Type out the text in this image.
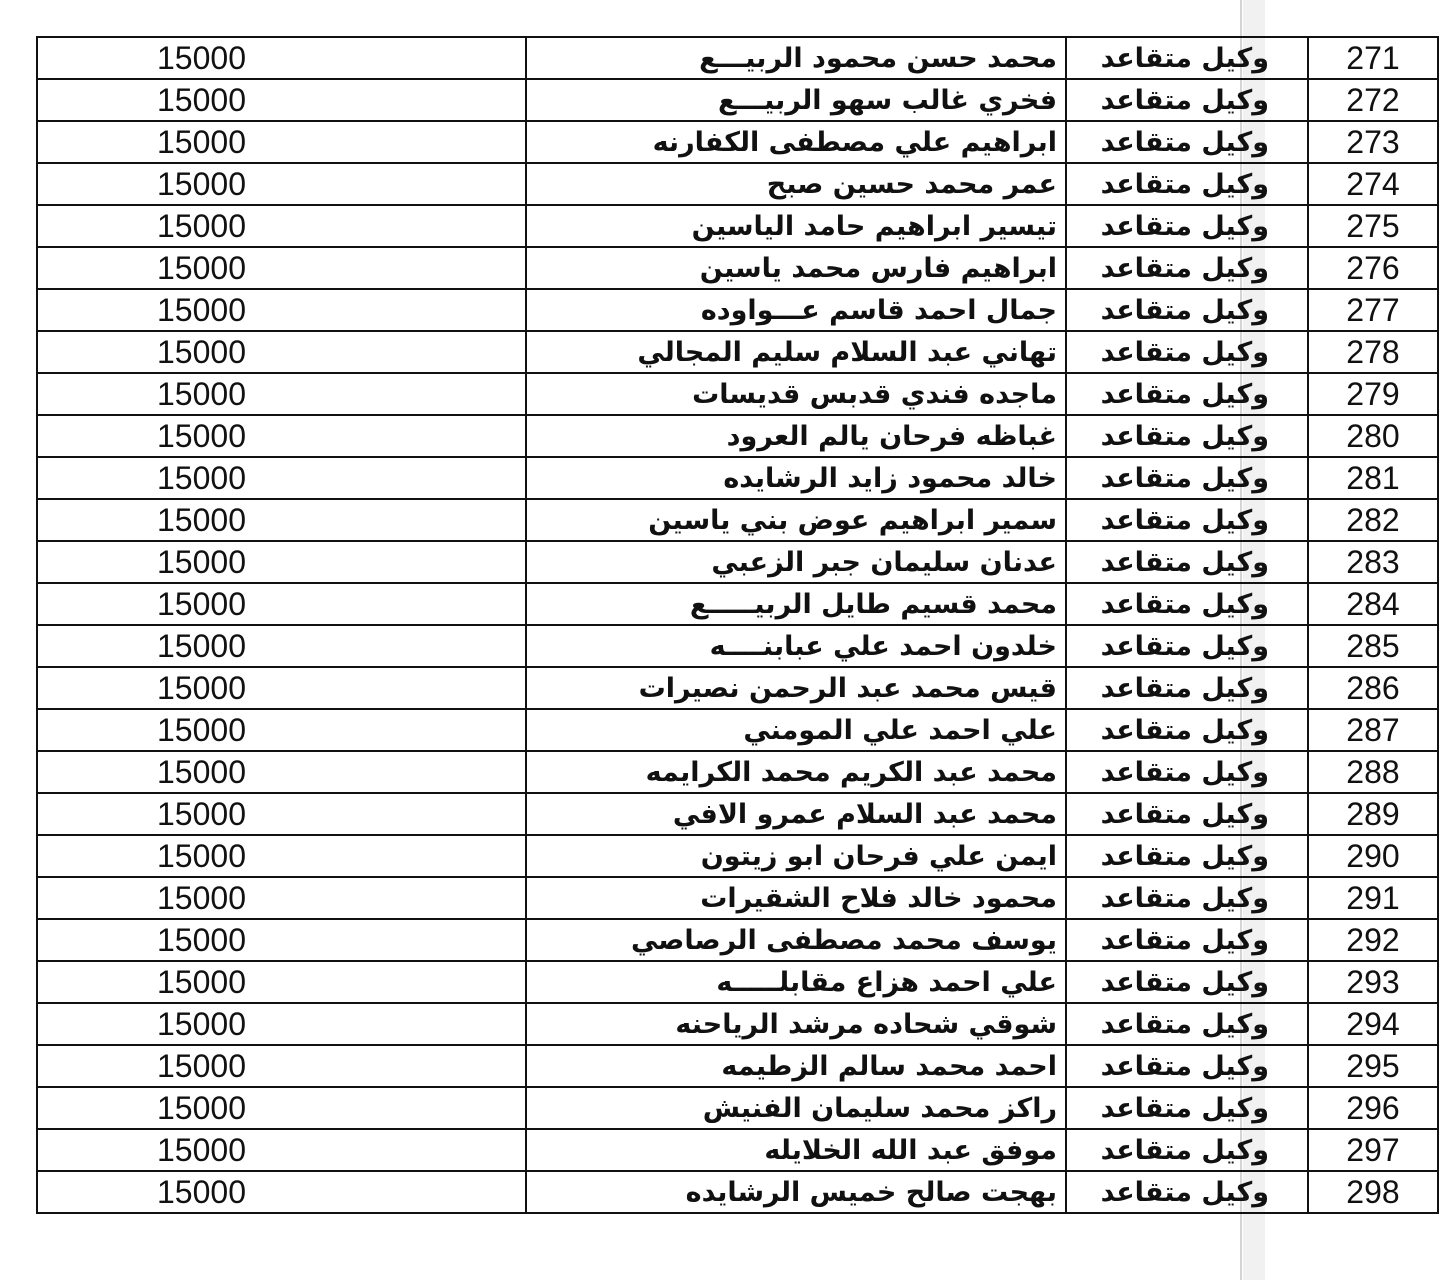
15000	محمد حسن محمود الربيـــع	وكيل متقاعد	271
15000	فخري غالب سهو الربيـــع	وكيل متقاعد	272
15000	ابراهيم علي مصطفى الكفارنه	وكيل متقاعد	273
15000	عمر محمد حسين صبح	وكيل متقاعد	274
15000	تيسير ابراهيم حامد الياسين	وكيل متقاعد	275
15000	ابراهيم فارس محمد ياسين	وكيل متقاعد	276
15000	جمال احمد قاسم عـــواوده	وكيل متقاعد	277
15000	تهاني عبد السلام سليم المجالي	وكيل متقاعد	278
15000	ماجده فندي قدبس قديسات	وكيل متقاعد	279
15000	غباظه فرحان يالم العرود	وكيل متقاعد	280
15000	خالد محمود زايد الرشايده	وكيل متقاعد	281
15000	سمير ابراهيم عوض بني ياسين	وكيل متقاعد	282
15000	عدنان سليمان جبر الزعبي	وكيل متقاعد	283
15000	محمد قسيم طايل الربيـــــع	وكيل متقاعد	284
15000	خلدون احمد علي عبابنــــه	وكيل متقاعد	285
15000	قيس محمد عبد الرحمن نصيرات	وكيل متقاعد	286
15000	علي احمد علي المومني	وكيل متقاعد	287
15000	محمد عبد الكريم محمد الكرايمه	وكيل متقاعد	288
15000	محمد عبد السلام عمرو الافي	وكيل متقاعد	289
15000	ايمن علي فرحان ابو زيتون	وكيل متقاعد	290
15000	محمود خالد فلاح الشقيرات	وكيل متقاعد	291
15000	يوسف محمد مصطفى الرصاصي	وكيل متقاعد	292
15000	علي احمد هزاع مقابلـــــه	وكيل متقاعد	293
15000	شوقي شحاده مرشد الرياحنه	وكيل متقاعد	294
15000	احمد محمد سالم الزطيمه	وكيل متقاعد	295
15000	راكز محمد سليمان الفنيش	وكيل متقاعد	296
15000	موفق عبد الله الخلايله	وكيل متقاعد	297
15000	بهجت صالح خميس الرشايده	وكيل متقاعد	298
